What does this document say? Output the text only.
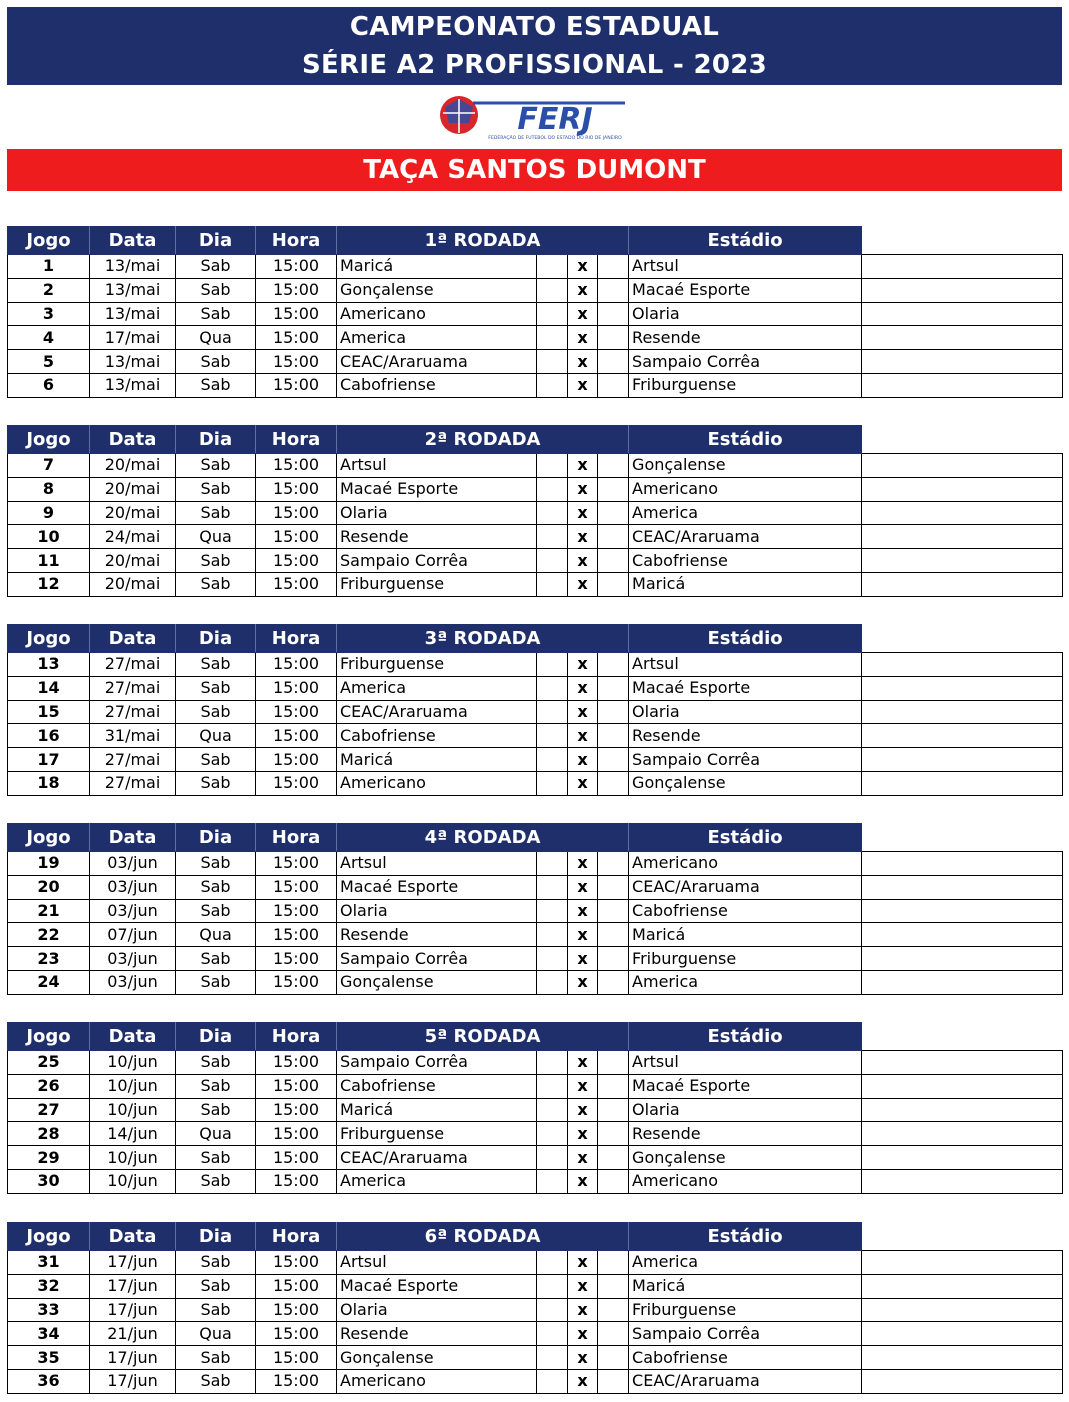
CAMPEONATO ESTADUAL
SÉRIE A2 PROFISSIONAL - 2023
FERJ
FEDERAÇÃO DE FUTEBOL DO ESTADO DO RIO DE JANEIRO
TAÇA SANTOS DUMONT
Jogo	Data	Dia	Hora	1ª RODADA				Estádio	
1	13/mai	Sab	15:00	Maricá		x		Artsul	
2	13/mai	Sab	15:00	Gonçalense		x		Macaé Esporte	
3	13/mai	Sab	15:00	Americano		x		Olaria	
4	17/mai	Qua	15:00	America		x		Resende	
5	13/mai	Sab	15:00	CEAC/Araruama		x		Sampaio Corrêa	
6	13/mai	Sab	15:00	Cabofriense		x		Friburguense	
Jogo	Data	Dia	Hora	2ª RODADA				Estádio	
7	20/mai	Sab	15:00	Artsul		x		Gonçalense	
8	20/mai	Sab	15:00	Macaé Esporte		x		Americano	
9	20/mai	Sab	15:00	Olaria		x		America	
10	24/mai	Qua	15:00	Resende		x		CEAC/Araruama	
11	20/mai	Sab	15:00	Sampaio Corrêa		x		Cabofriense	
12	20/mai	Sab	15:00	Friburguense		x		Maricá	
Jogo	Data	Dia	Hora	3ª RODADA				Estádio	
13	27/mai	Sab	15:00	Friburguense		x		Artsul	
14	27/mai	Sab	15:00	America		x		Macaé Esporte	
15	27/mai	Sab	15:00	CEAC/Araruama		x		Olaria	
16	31/mai	Qua	15:00	Cabofriense		x		Resende	
17	27/mai	Sab	15:00	Maricá		x		Sampaio Corrêa	
18	27/mai	Sab	15:00	Americano		x		Gonçalense	
Jogo	Data	Dia	Hora	4ª RODADA				Estádio	
19	03/jun	Sab	15:00	Artsul		x		Americano	
20	03/jun	Sab	15:00	Macaé Esporte		x		CEAC/Araruama	
21	03/jun	Sab	15:00	Olaria		x		Cabofriense	
22	07/jun	Qua	15:00	Resende		x		Maricá	
23	03/jun	Sab	15:00	Sampaio Corrêa		x		Friburguense	
24	03/jun	Sab	15:00	Gonçalense		x		America	
Jogo	Data	Dia	Hora	5ª RODADA				Estádio	
25	10/jun	Sab	15:00	Sampaio Corrêa		x		Artsul	
26	10/jun	Sab	15:00	Cabofriense		x		Macaé Esporte	
27	10/jun	Sab	15:00	Maricá		x		Olaria	
28	14/jun	Qua	15:00	Friburguense		x		Resende	
29	10/jun	Sab	15:00	CEAC/Araruama		x		Gonçalense	
30	10/jun	Sab	15:00	America		x		Americano	
Jogo	Data	Dia	Hora	6ª RODADA				Estádio	
31	17/jun	Sab	15:00	Artsul		x		America	
32	17/jun	Sab	15:00	Macaé Esporte		x		Maricá	
33	17/jun	Sab	15:00	Olaria		x		Friburguense	
34	21/jun	Qua	15:00	Resende		x		Sampaio Corrêa	
35	17/jun	Sab	15:00	Gonçalense		x		Cabofriense	
36	17/jun	Sab	15:00	Americano		x		CEAC/Araruama	
